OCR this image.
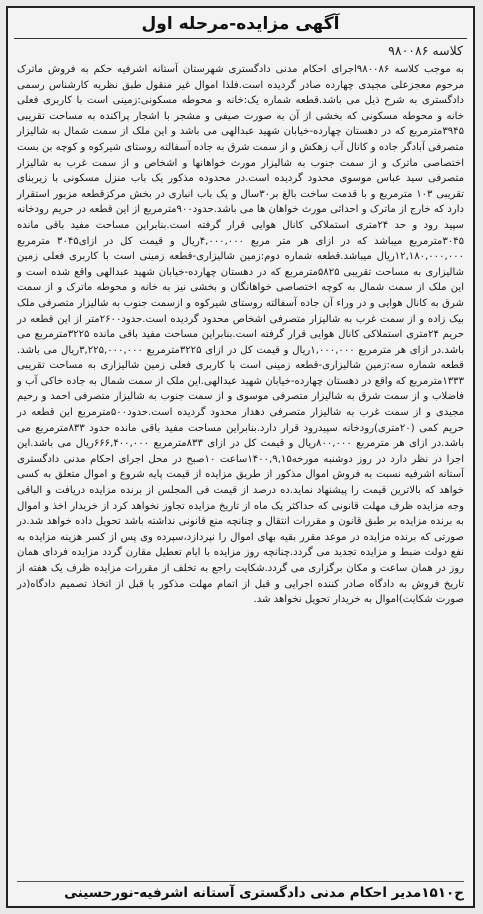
آگهی مزایده-مرحله اول
کلاسه ۹۸۰۰۸۶
به موجب کلاسه ۹۸۰۰۸۶اجرای احکام مدنی دادگستری شهرستان آستانه اشرفیه حکم به فروش ماترک مرحوم معجزعلی مجیدی چهارده صادر گردیده است.فلذا اموال غیر منقول طبق نظریه کارشناس رسمی دادگستری به شرح ذیل می باشد.قطعه شماره یک:خانه و محوطه مسکونی:زمینی است با کاربری فعلی خانه و محوطه مسکونی که بخشی از آن به صورت صیفی و مشجر با اشجار پراکنده به مساحت تقریبی ۳۹۴۵مترمربع که در دهستان چهارده-خیابان شهید عبدالهی می باشد و این ملک از سمت شمال به شالیزار متصرفی آبادگر جاده و کانال آب زهکش و از سمت شرق به جاده آسفالته روستای شیرکوه و کوچه بن بست اختصاصی ماترک و از سمت جنوب به شالیزار مورث خواهانها و اشخاص و از سمت غرب به شالیزار متصرفی سید عباس موسوی محدود گردیده است.در محدوده مذکور یک باب منزل مسکونی با زیربنای تقریبی ۱۰۳ مترمربع و با قدمت ساخت بالغ بر۳۰سال و یک باب انباری در بخش مرکزقطعه مزبور استقرار دارد که خارج از ماترک و احداثی مورث خواهان ها می باشد.حدود۹۰۰مترمربع از این قطعه در حریم رودخانه سپید رود و حد ۲۴متری استملاکی کانال هوایی قرار گرفته است.بنابراین مساحت مفید باقی مانده ۳۰۴۵مترمربع میباشد که در ازای هر متر مربع ۴,۰۰۰,۰۰۰ریال و قیمت کل در ازای۳۰۴۵ مترمربع ۱۲,۱۸۰,۰۰۰,۰۰۰ریال میباشد.قطعه شماره دوم:زمین شالیزاری-قطعه زمینی است با کاربری فعلی زمین شالیزاری به مساحت تقریبی ۵۸۲۵مترمربع که در دهستان چهارده-خیابان شهید عبدالهی واقع شده است و این ملک از سمت شمال به کوچه اختصاصی خواهانگان و بخشی نیز به خانه و محوطه ماترک و از سمت شرق به کانال هوایی و در وراء آن جاده آسفالته روستای شیرکوه و ازسمت جنوب به شالیزار متصرفی ملک بیک زاده و از سمت غرب به شالیزار متصرفی اشخاص محدود گردیده است.حدود۲۶۰۰متر از این قطعه در حریم ۲۴متری استملاکی کانال هوایی قرار گرفته است.بنابراین مساحت مفید باقی مانده ۳۲۲۵مترمربع می باشد.در ازای هر مترمربع ۱,۰۰۰,۰۰۰ریال و قیمت کل در ازای ۳۲۲۵مترمربع ۳,۲۲۵,۰۰۰,۰۰۰ریال می باشد. قطعه شماره سه:زمین شالیزاری-قطعه زمینی است با کاربری فعلی زمین شالیزاری به مساحت تقریبی ۱۳۳۳مترمربع که واقع در دهستان چهارده-خیابان شهید عبدالهی.این ملک از سمت شمال به جاده خاکی آب و فاضلاب و از سمت شرق به شالیزار متصرفی موسوی و از سمت جنوب به شالیزار متصرفی احمد و رحیم مجیدی و از سمت غرب به شالیزار متصرفی دهدار محدود گردیده است.حدود۵۰۰مترمربع این قطعه در حریم کمی (۲۰متری)رودخانه سپیدرود قرار دارد.بنابراین مساحت مفید باقی مانده حدود ۸۳۳مترمربع می باشد.در ازای هر مترمربع ۸۰۰,۰۰۰ریال و قیمت کل در ازای ۸۳۳مترمربع ۶۶۶,۴۰۰,۰۰۰ریال می باشد.این اجرا در نظر دارد در روز دوشنبه مورخه۱۴۰۰,۹,۱۵ساعت ۱۰صبح در محل اجرای احکام مدنی دادگستری آستانه اشرفیه نسبت به فروش اموال مذکور از طریق مزایده از قیمت پایه شروع و اموال متعلق به کسی خواهد که بالاترین قیمت را پیشنهاد نماید.ده درصد از قیمت فی المجلس از برنده مزایده دریافت و الباقی وجه مزایده ظرف مهلت قانونی که حداکثر یک ماه از تاریخ مزایده تجاوز نخواهد کرد از خریدار اخذ و اموال به برنده مزایده بر طبق قانون و مقررات انتقال و چنانچه منع قانونی نداشته باشد تحویل داده خواهد شد.در صورتی که برنده مزایده در موعد مقرر بقیه بهای اموال را نپردازد،سپرده وی پس از کسر هزینه مزایده به نفع دولت ضبط و مزایده تجدید می گردد.چنانچه روز مزایده با ایام تعطیل مقارن گردد مزایده فردای همان روز در همان ساعت و مکان برگزاری می گردد.شکایت راجع به تخلف از مقررات مزایده ظرف یک هفته از تاریخ فروش به دادگاه صادر کننده اجرایی و قبل از اتمام مهلت مذکور یا قبل از اتخاذ تصمیم دادگاه(در صورت شکایت)اموال به خریدار تحویل نخواهد شد.
ح۱۵۱۰مدیر احکام مدنی دادگستری آستانه اشرفیه-نورحسینی
